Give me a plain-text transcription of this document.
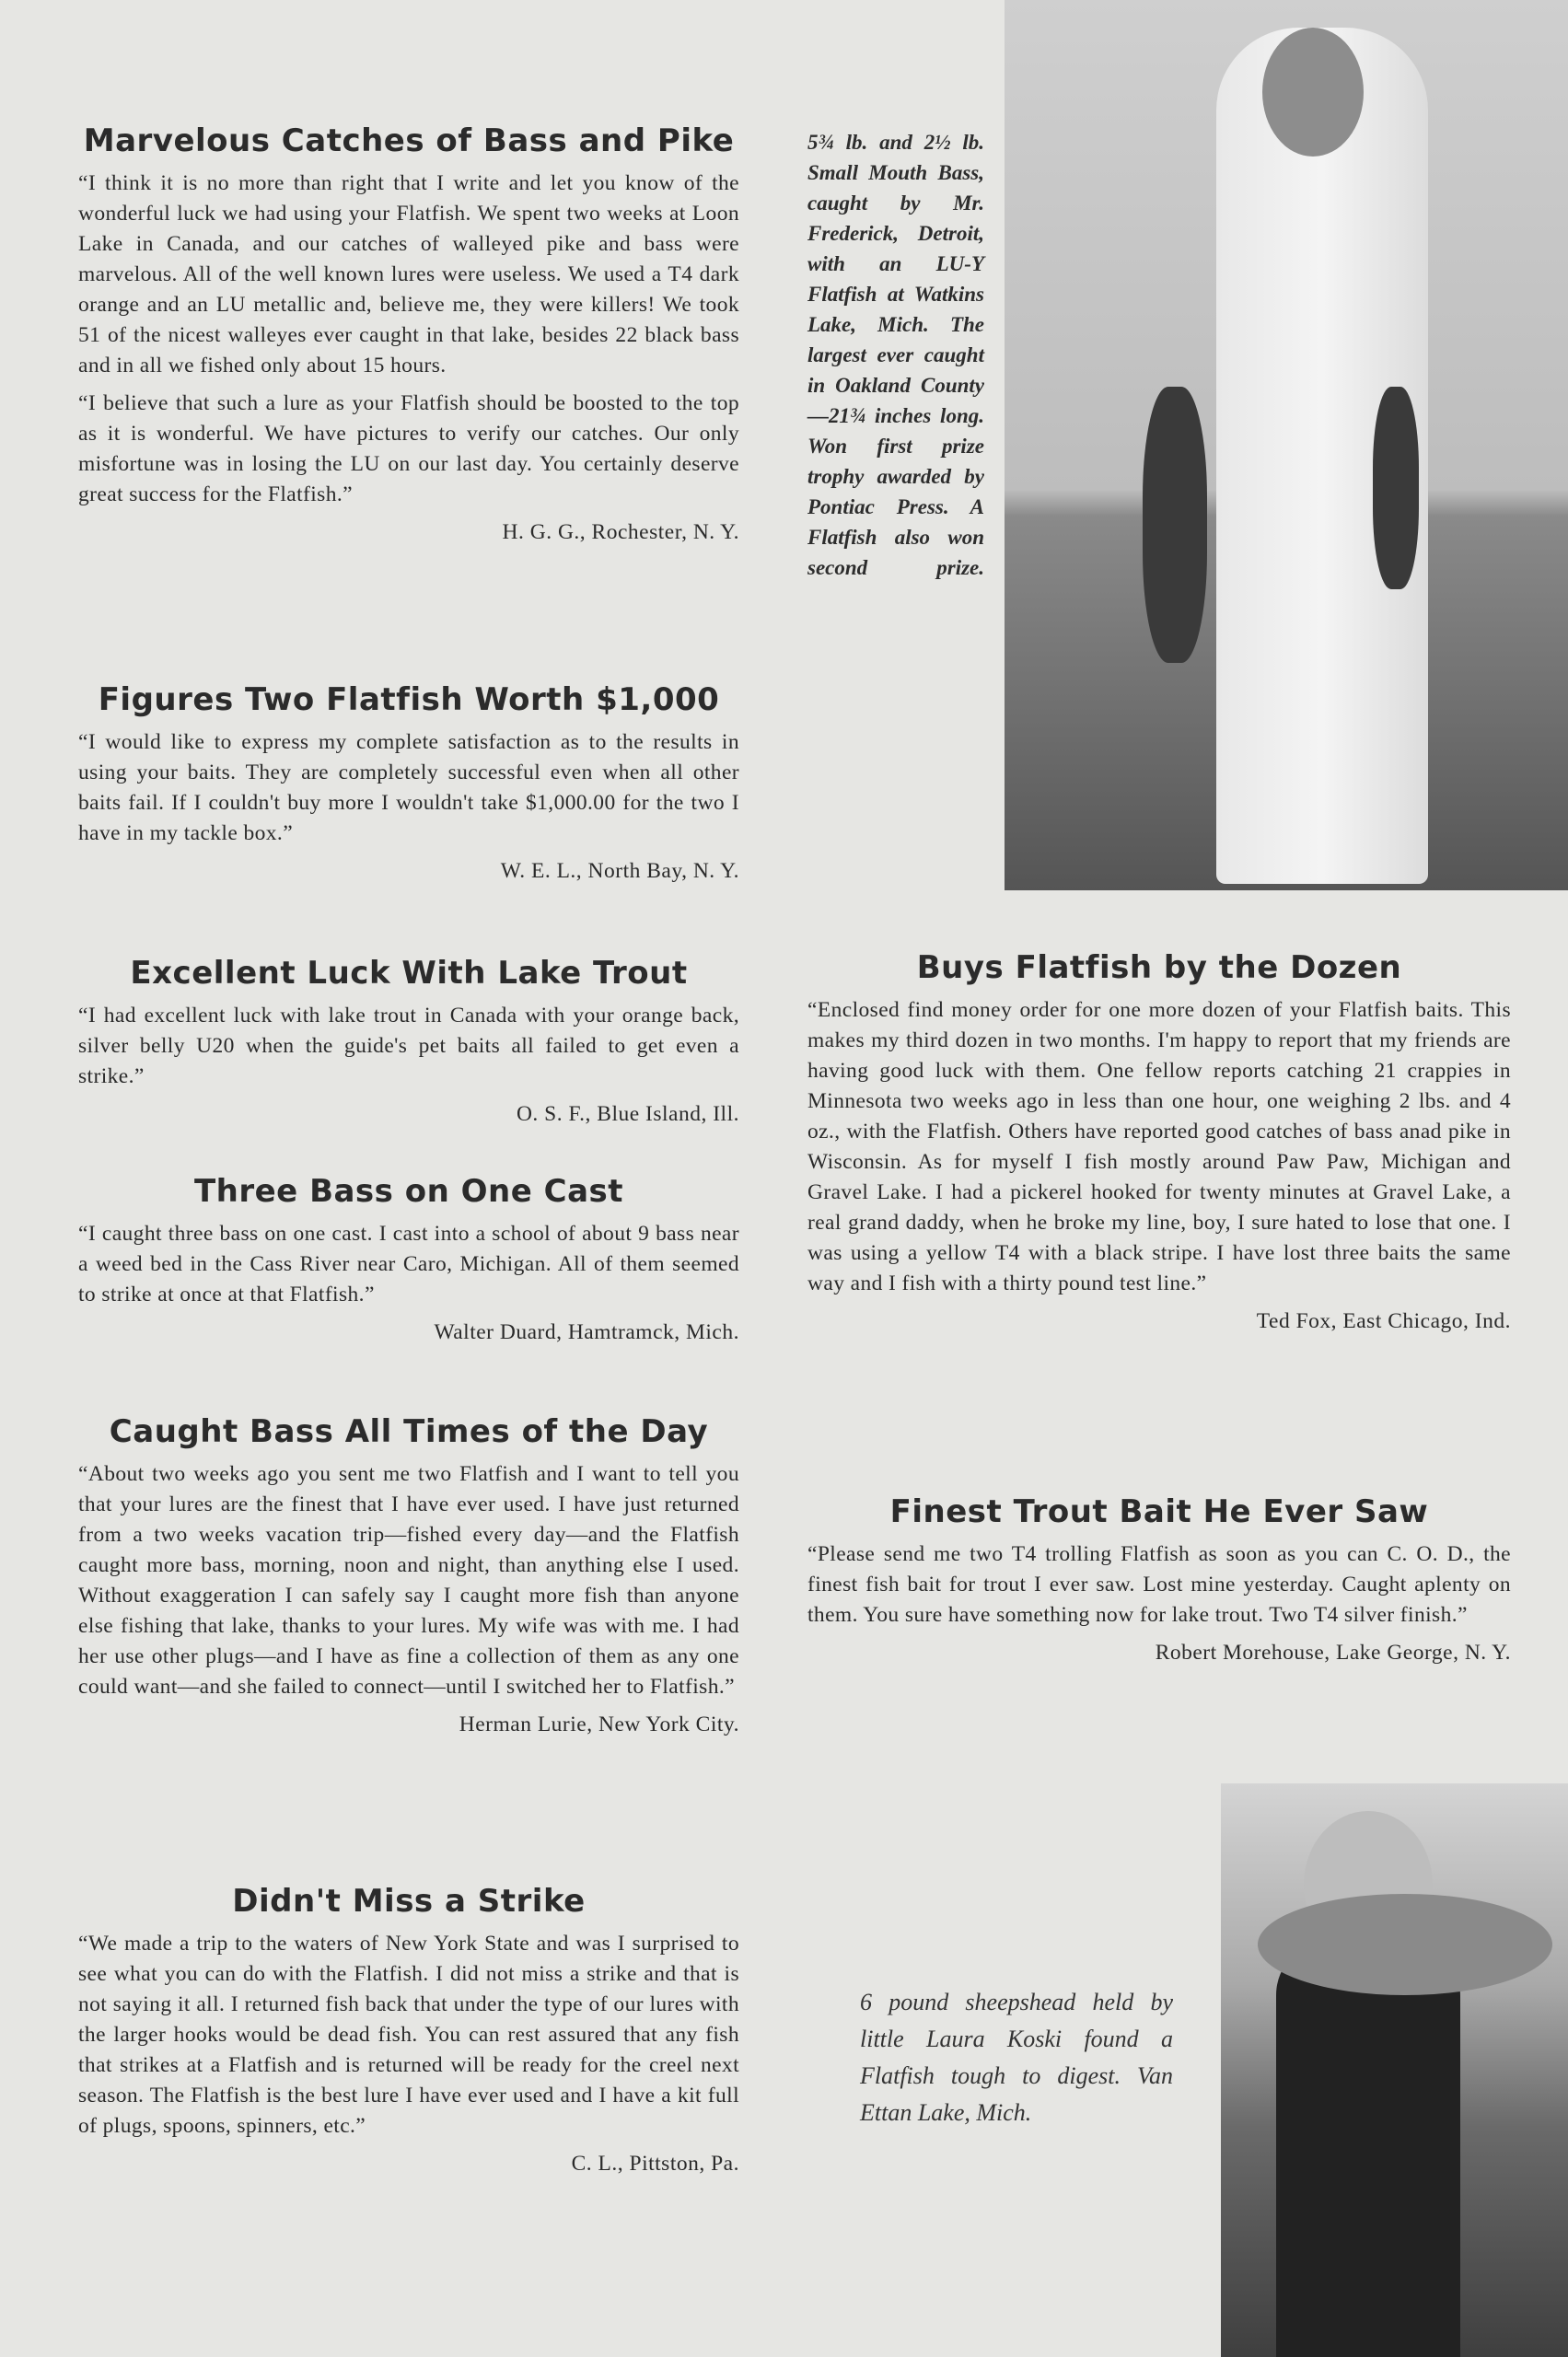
Marvelous Catches of Bass and Pike

“I think it is no more than right that I write and let you know of the wonderful luck we had using your Flatfish. We spent two weeks at Loon Lake in Canada, and our catches of walleyed pike and bass were marvelous. All of the well known lures were useless. We used a T4 dark orange and an LU metallic and, believe me, they were killers! We took 51 of the nicest walleyes ever caught in that lake, besides 22 black bass and in all we fished only about 15 hours.

“I believe that such a lure as your Flatfish should be boosted to the top as it is wonderful. We have pictures to verify our catches. Our only misfortune was in losing the LU on our last day. You certainly deserve great success for the Flatfish.”

H. G. G., Rochester, N. Y.
Figures Two Flatfish Worth $1,000

“I would like to express my complete satisfaction as to the results in using your baits. They are completely successful even when all other baits fail. If I couldn't buy more I wouldn't take $1,000.00 for the two I have in my tackle box.”

W. E. L., North Bay, N. Y.
Excellent Luck With Lake Trout

“I had excellent luck with lake trout in Canada with your orange back, silver belly U20 when the guide's pet baits all failed to get even a strike.”

O. S. F., Blue Island, Ill.
Three Bass on One Cast

“I caught three bass on one cast. I cast into a school of about 9 bass near a weed bed in the Cass River near Caro, Michigan. All of them seemed to strike at once at that Flatfish.”

Walter Duard, Hamtramck, Mich.
Caught Bass All Times of the Day

“About two weeks ago you sent me two Flatfish and I want to tell you that your lures are the finest that I have ever used. I have just returned from a two weeks vacation trip—fished every day—and the Flatfish caught more bass, morning, noon and night, than anything else I used. Without exaggeration I can safely say I caught more fish than anyone else fishing that lake, thanks to your lures. My wife was with me. I had her use other plugs—and I have as fine a collection of them as any one could want—and she failed to connect—until I switched her to Flatfish.”

Herman Lurie, New York City.
Didn't Miss a Strike

“We made a trip to the waters of New York State and was I surprised to see what you can do with the Flatfish. I did not miss a strike and that is not saying it all. I returned fish back that under the type of our lures with the larger hooks would be dead fish. You can rest assured that any fish that strikes at a Flatfish and is returned will be ready for the creel next season. The Flatfish is the best lure I have ever used and I have a kit full of plugs, spoons, spinners, etc.”

C. L., Pittston, Pa.
Buys Flatfish by the Dozen

“Enclosed find money order for one more dozen of your Flatfish baits. This makes my third dozen in two months. I'm happy to report that my friends are having good luck with them. One fellow reports catching 21 crappies in Minnesota two weeks ago in less than one hour, one weighing 2 lbs. and 4 oz., with the Flatfish. Others have reported good catches of bass anad pike in Wisconsin. As for myself I fish mostly around Paw Paw, Michigan and Gravel Lake. I had a pickerel hooked for twenty minutes at Gravel Lake, a real grand daddy, when he broke my line, boy, I sure hated to lose that one. I was using a yellow T4 with a black stripe. I have lost three baits the same way and I fish with a thirty pound test line.”

Ted Fox, East Chicago, Ind.
Finest Trout Bait He Ever Saw

“Please send me two T4 trolling Flatfish as soon as you can C. O. D., the finest fish bait for trout I ever saw. Lost mine yesterday. Caught aplenty on them. You sure have something now for lake trout. Two T4 silver finish.”

Robert Morehouse, Lake George, N. Y.
5¾ lb. and 2½ lb. Small Mouth Bass, caught by Mr. Frederick, Detroit, with an LU-Y Flatfish at Watkins Lake, Mich. The largest ever caught in Oakland County—21¾ inches long. Won first prize trophy awarded by Pontiac Press. A Flatfish also won second prize.
6 pound sheepshead held by little Laura Koski found a Flatfish tough to digest. Van Ettan Lake, Mich.
